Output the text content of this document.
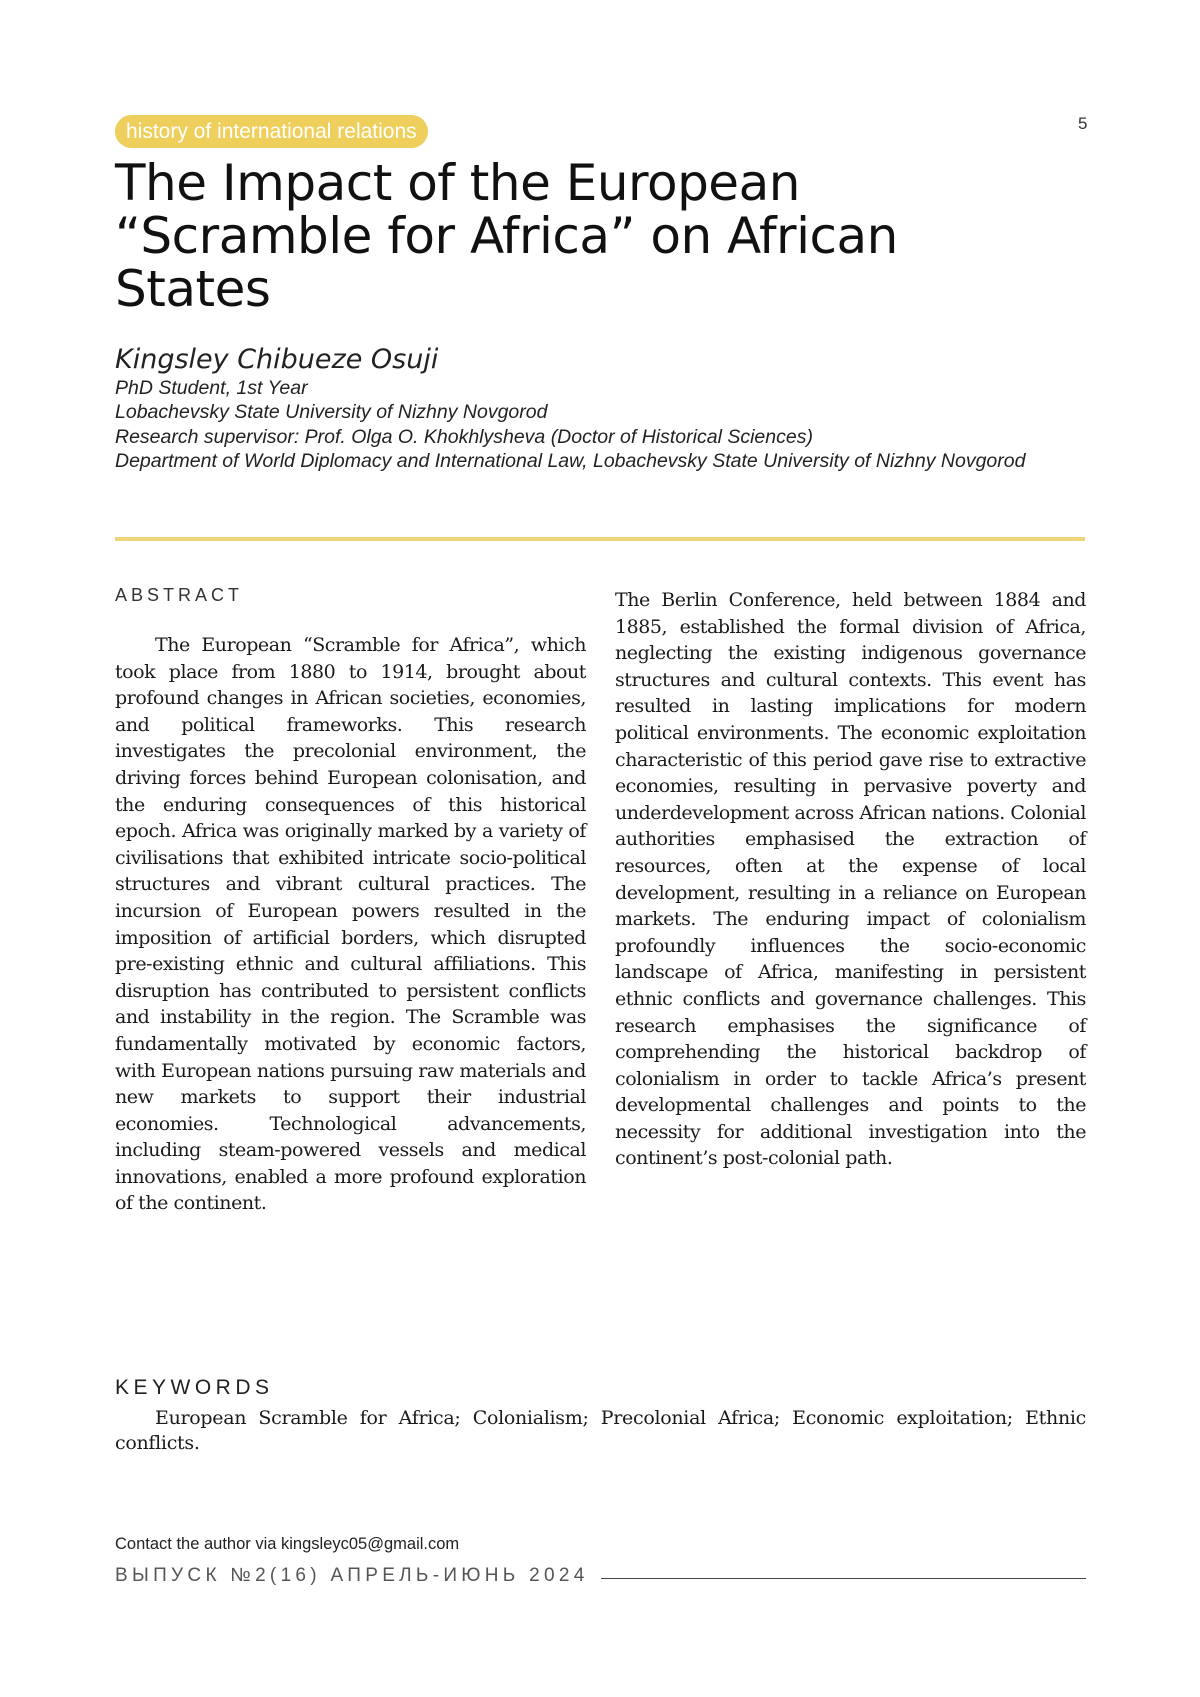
history of international relations	5
The Impact of the European “Scramble for Africa” on African States
Kingsley Chibueze Osuji
PhD Student, 1st Year
Lobachevsky State University of Nizhny Novgorod
Research supervisor: Prof. Olga O. Khokhlysheva (Doctor of Historical Sciences)
Department of World Diplomacy and International Law, Lobachevsky State University of Nizhny Novgorod
ABSTRACT

The European “Scramble for Africa”, which took place from 1880 to 1914, brought about profound changes in African societies, economies, and political frameworks. This research investigates the precolonial environment, the driving forces behind European colonisation, and the enduring consequences of this historical epoch. Africa was originally marked by a variety of civilisations that exhibited intricate socio-political structures and vibrant cultural practices. The incursion of European powers resulted in the imposition of artificial borders, which disrupted pre-existing ethnic and cultural affiliations. This disruption has contributed to persistent conflicts and instability in the region. The Scramble was fundamentally motivated by economic factors, with European nations pursuing raw materials and new markets to support their industrial economies. Technological advancements, including steam-powered vessels and medical innovations, enabled a more profound exploration of the continent.

The Berlin Conference, held between 1884 and 1885, established the formal division of Africa, neglecting the existing indigenous governance structures and cultural contexts. This event has resulted in lasting implications for modern political environments. The economic exploitation characteristic of this period gave rise to extractive economies, resulting in pervasive poverty and underdevelopment across African nations. Colonial authorities emphasised the extraction of resources, often at the expense of local development, resulting in a reliance on European markets. The enduring impact of colonialism profoundly influences the socio-economic landscape of Africa, manifesting in persistent ethnic conflicts and governance challenges. This research emphasises the significance of comprehending the historical backdrop of colonialism in order to tackle Africa’s present developmental challenges and points to the necessity for additional investigation into the continent’s post-colonial path.

KEYWORDS

European Scramble for Africa; Colonialism; Precolonial Africa; Economic exploitation; Ethnic conflicts.

Contact the author via kingsleyc05@gmail.com
ВЫПУСК №2(16) АПРЕЛЬ-ИЮНЬ 2024
